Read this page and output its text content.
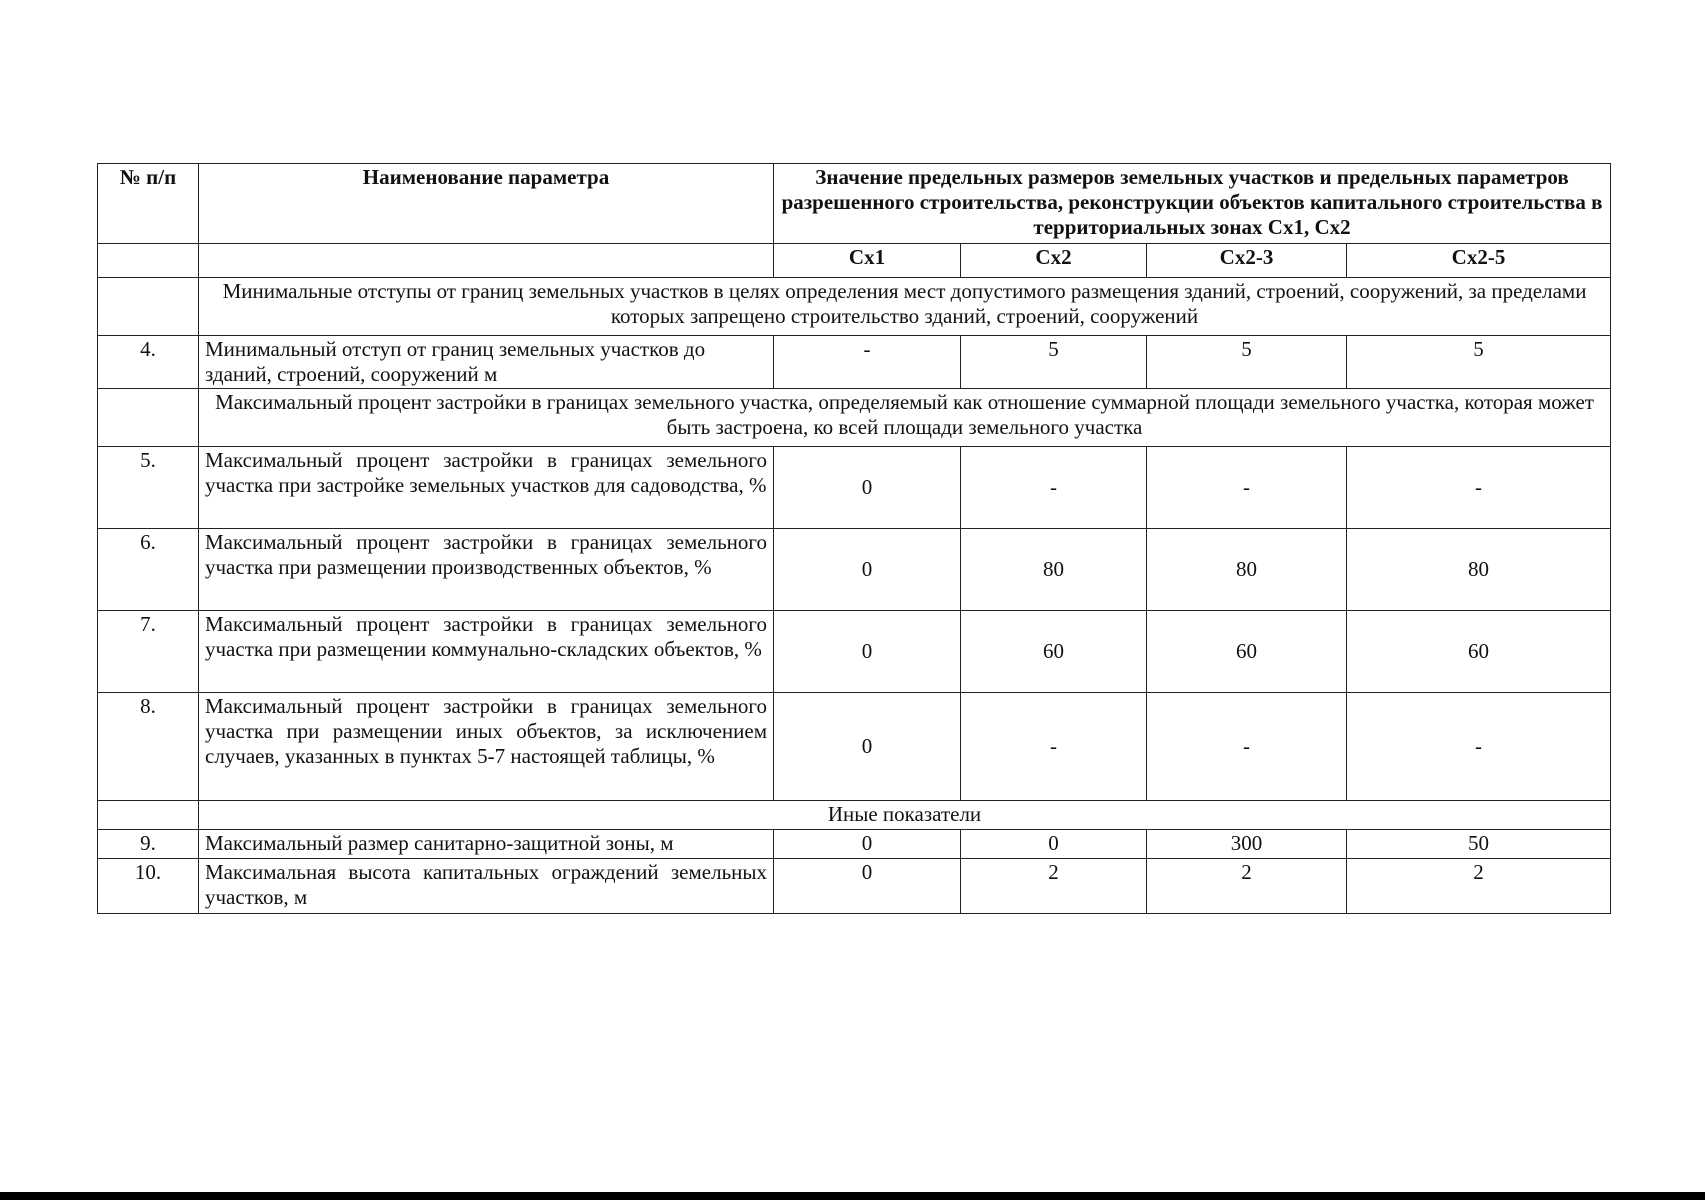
№ п/п	Наименование параметра	Значение предельных размеров земельных участков и предельных параметров разрешенного строительства, реконструкции объектов капитального строительства в территориальных зонах Сх1, Сх2			
		Сх1	Сх2	Сх2-3	Сх2-5
	Минимальные отступы от границ земельных участков в целях определения мест допустимого размещения зданий, строений, сооружений, за пределами которых запрещено строительство зданий, строений, сооружений				
4.	Минимальный отступ от границ земельных участков до зданий, строений, сооружений м	-	5	5	5
	Максимальный процент застройки в границах земельного участка, определяемый как отношение суммарной площади земельного участка, которая может быть застроена, ко всей площади земельного участка				
5.	Максимальный процент застройки в границах земельного участка при застройке земельных участков для садоводства, %	0	-	-	-
6.	Максимальный процент застройки в границах земельного участка при размещении производственных объектов, %	0	80	80	80
7.	Максимальный процент застройки в границах земельного участка при размещении коммунально-складских объектов, %	0	60	60	60
8.	Максимальный процент застройки в границах земельного участка при размещении иных объектов, за исключением случаев, указанных в пунктах 5-7 настоящей таблицы, %	0	-	-	-
	Иные показатели				
9.	Максимальный размер санитарно-защитной зоны, м	0	0	300	50
10.	Максимальная высота капитальных ограждений земельных участков, м	0	2	2	2
